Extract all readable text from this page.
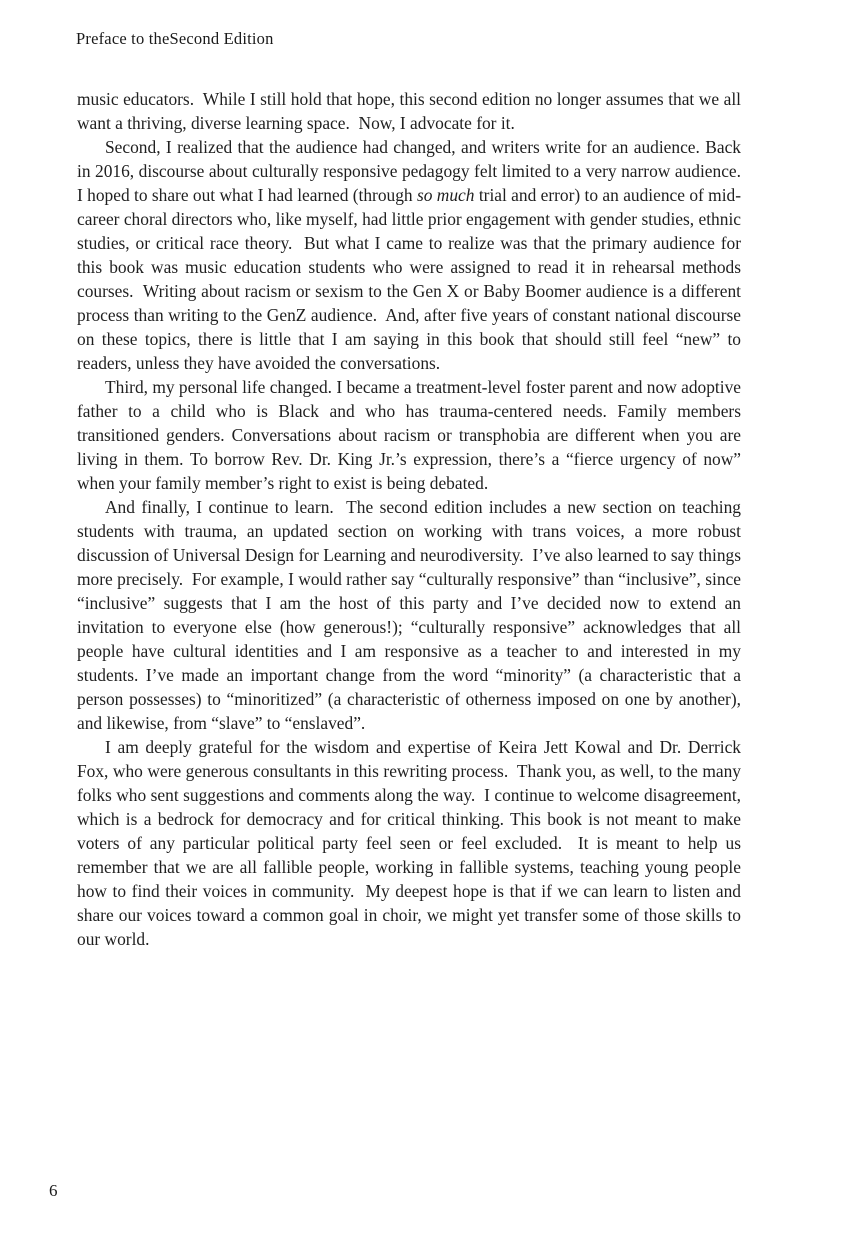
Preface to theSecond Edition

music educators.  While I still hold that hope, this second edition no longer assumes that we all want a thriving, diverse learning space.  Now, I advocate for it.

Second, I realized that the audience had changed, and writers write for an audience. Back in 2016, discourse about culturally responsive pedagogy felt limited to a very narrow audience.  I hoped to share out what I had learned (through so much trial and error) to an audience of mid-career choral directors who, like myself, had little prior engagement with gender studies, ethnic studies, or critical race theory.  But what I came to realize was that the primary audience for this book was music education students who were assigned to read it in rehearsal methods courses.  Writing about racism or sexism to the Gen X or Baby Boomer audience is a different process than writing to the GenZ audience.  And, after five years of constant national discourse on these topics, there is little that I am saying in this book that should still feel “new” to readers, unless they have avoided the conversations.

Third, my personal life changed. I became a treatment-level foster parent and now adoptive father to a child who is Black and who has trauma-centered needs. Family members transitioned genders. Conversations about racism or transphobia are different when you are living in them. To borrow Rev. Dr. King Jr.’s expression, there’s a “fierce urgency of now” when your family member’s right to exist is being debated.

And finally, I continue to learn.  The second edition includes a new section on teaching students with trauma, an updated section on working with trans voices, a more robust discussion of Universal Design for Learning and neurodiversity.  I’ve also learned to say things more precisely.  For example, I would rather say “culturally responsive” than “inclusive”, since “inclusive” suggests that I am the host of this party and I’ve decided now to extend an invitation to everyone else (how generous!); “culturally responsive” acknowledges that all people have cultural identities and I am responsive as a teacher to and interested in my students. I’ve made an important change from the word “minority” (a characteristic that a person possesses) to “minoritized” (a characteristic of otherness imposed on one by another), and likewise, from “slave” to “enslaved”.

I am deeply grateful for the wisdom and expertise of Keira Jett Kowal and Dr. Derrick Fox, who were generous consultants in this rewriting process.  Thank you, as well, to the many folks who sent suggestions and comments along the way.  I continue to welcome disagreement, which is a bedrock for democracy and for critical thinking. This book is not meant to make voters of any particular political party feel seen or feel excluded.  It is meant to help us remember that we are all fallible people, working in fallible systems, teaching young people how to find their voices in community.  My deepest hope is that if we can learn to listen and share our voices toward a common goal in choir, we might yet transfer some of those skills to our world.

6
